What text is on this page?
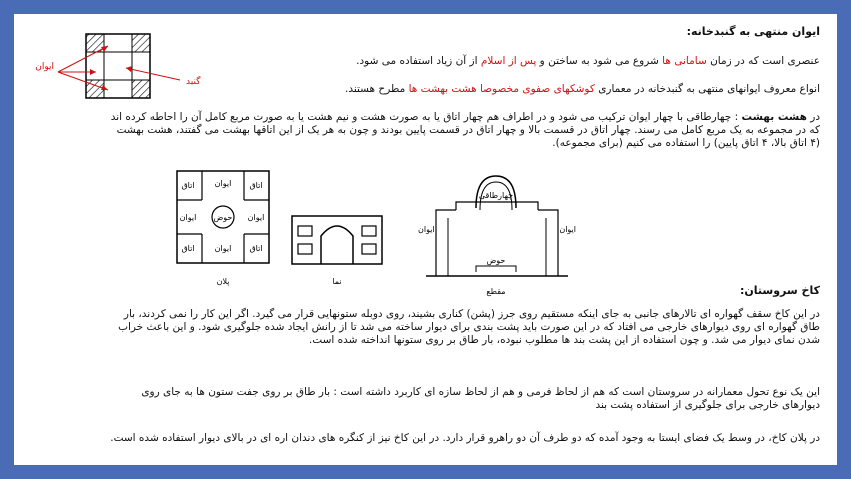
ایوان
گنبد

ایوان منتهی به گنبدخانه:

عنصری است که در زمان سامانی ها شروع می شود به ساختن و پس از اسلام از آن زیاد استفاده می شود.

انواع معروف ایوانهای منتهی به گنبدخانه در معماری کوشکهای صفوی مخصوصا هشت بهشت ها مطرح هستند.

در هشت بهشت : چهارطاقی با چهار ایوان ترکیب می شود و در اطراف هم چهار اتاق یا به صورت هشت و نیم هشت یا به صورت مربع کامل آن را احاطه کرده اند که در مجموعه به یک مربع کامل می رسند. چهار اتاق در قسمت بالا و چهار اتاق در قسمت پایین بودند و چون به هر یک از این اتاقها بهشت می گفتند، هشت بهشت (۴ اتاق بالا، ۴ اتاق پایین) را استفاده می کنیم (برای مجموعه).

اتاق	اتاق
اتاق	اتاق
ایوان
ایوان	ایوان
ایوان
حوض
پلان	نما
چهارطاقی
ایوان	ایوان
حوض
مقطع	کاخ سروستان:

در این کاخ سقف گهواره ای تالارهای جانبی به جای اینکه مستقیم روی جرز (پشن) کناری بشیند، روی دوبله ستونهایی قرار می گیرد. اگر این کار را نمی کردند، بار طاق گهواره ای روی دیوارهای خارجی می افتاد که در این صورت باید پشت بندی برای دیوار ساخته می شد تا از رانش ایجاد شده جلوگیری شود. و این باعث خراب شدن نمای دیوار می شد. و چون استفاده از این پشت بند ها مطلوب نبوده، بار طاق بر روی ستونها انداخته شده است.

این یک نوع تحول معمارانه در سروستان است که هم از لحاظ فرمی و هم از لحاظ سازه ای کاربرد داشته است : بار طاق بر روی جفت ستون ها به جای روی دیوارهای خارجی برای جلوگیری از استفاده پشت بند

در پلان کاخ، در وسط یک فضای ایستا به وجود آمده که دو طرف آن دو راهرو قرار دارد. در این کاخ نیز از کنگره های دندان اره ای در بالای دیوار استفاده شده است.
